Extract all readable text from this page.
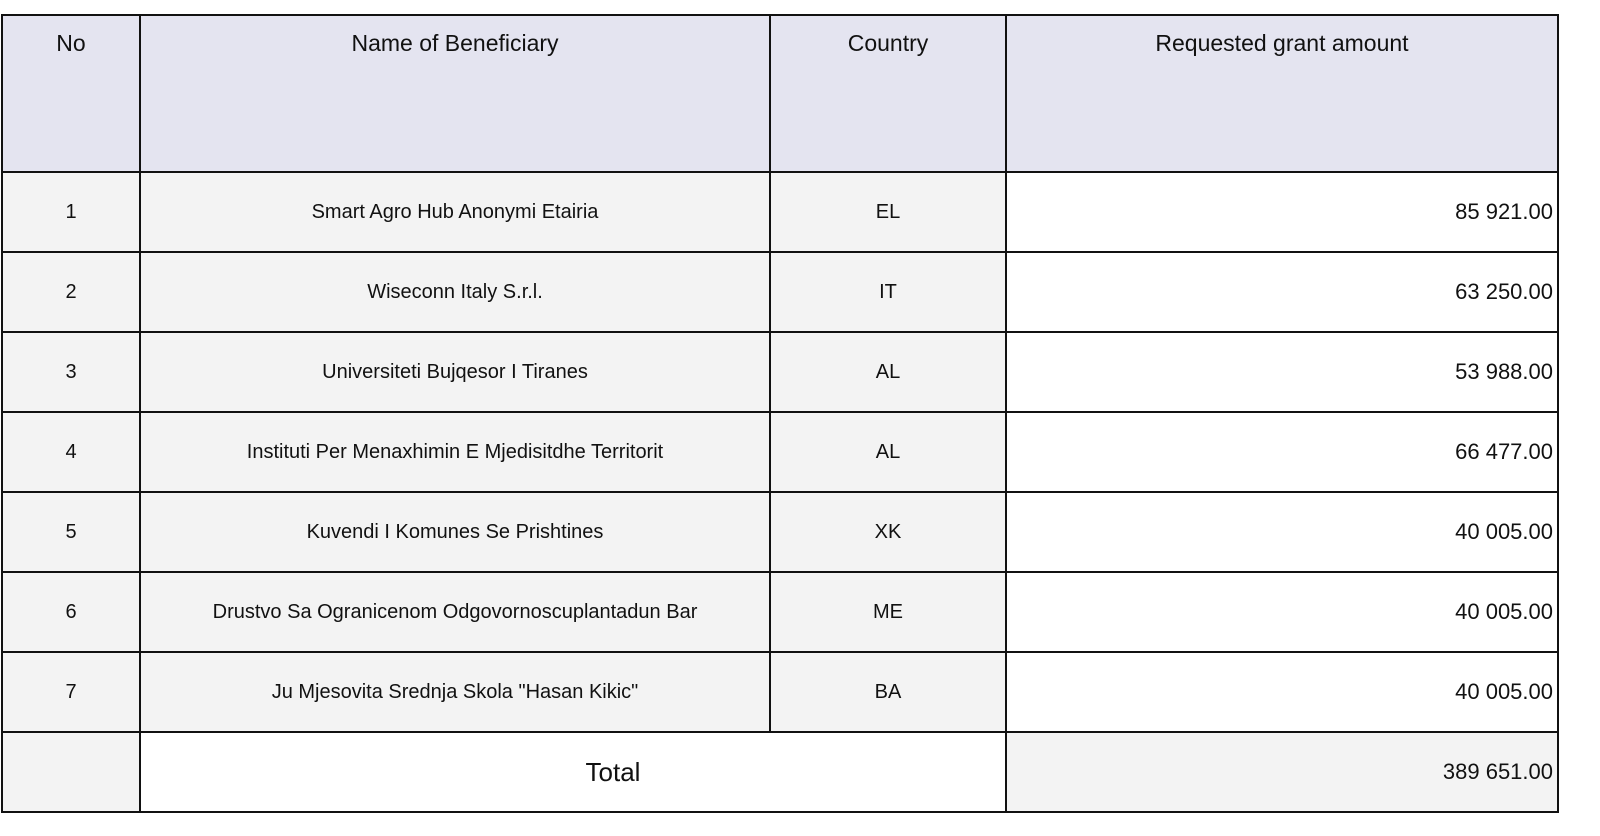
No	Name of Beneficiary	Country	Requested grant amount
1	Smart Agro Hub Anonymi Etairia	EL	85 921.00
2	Wiseconn Italy S.r.l.	IT	63 250.00
3	Universiteti Bujqesor I Tiranes	AL	53 988.00
4	Instituti Per Menaxhimin E Mjedisitdhe Territorit	AL	66 477.00
5	Kuvendi I Komunes Se Prishtines	XK	40 005.00
6	Drustvo Sa Ogranicenom Odgovornoscuplantadun Bar	ME	40 005.00
7	Ju Mjesovita Srednja Skola "Hasan Kikic"	BA	40 005.00
	Total		389 651.00
